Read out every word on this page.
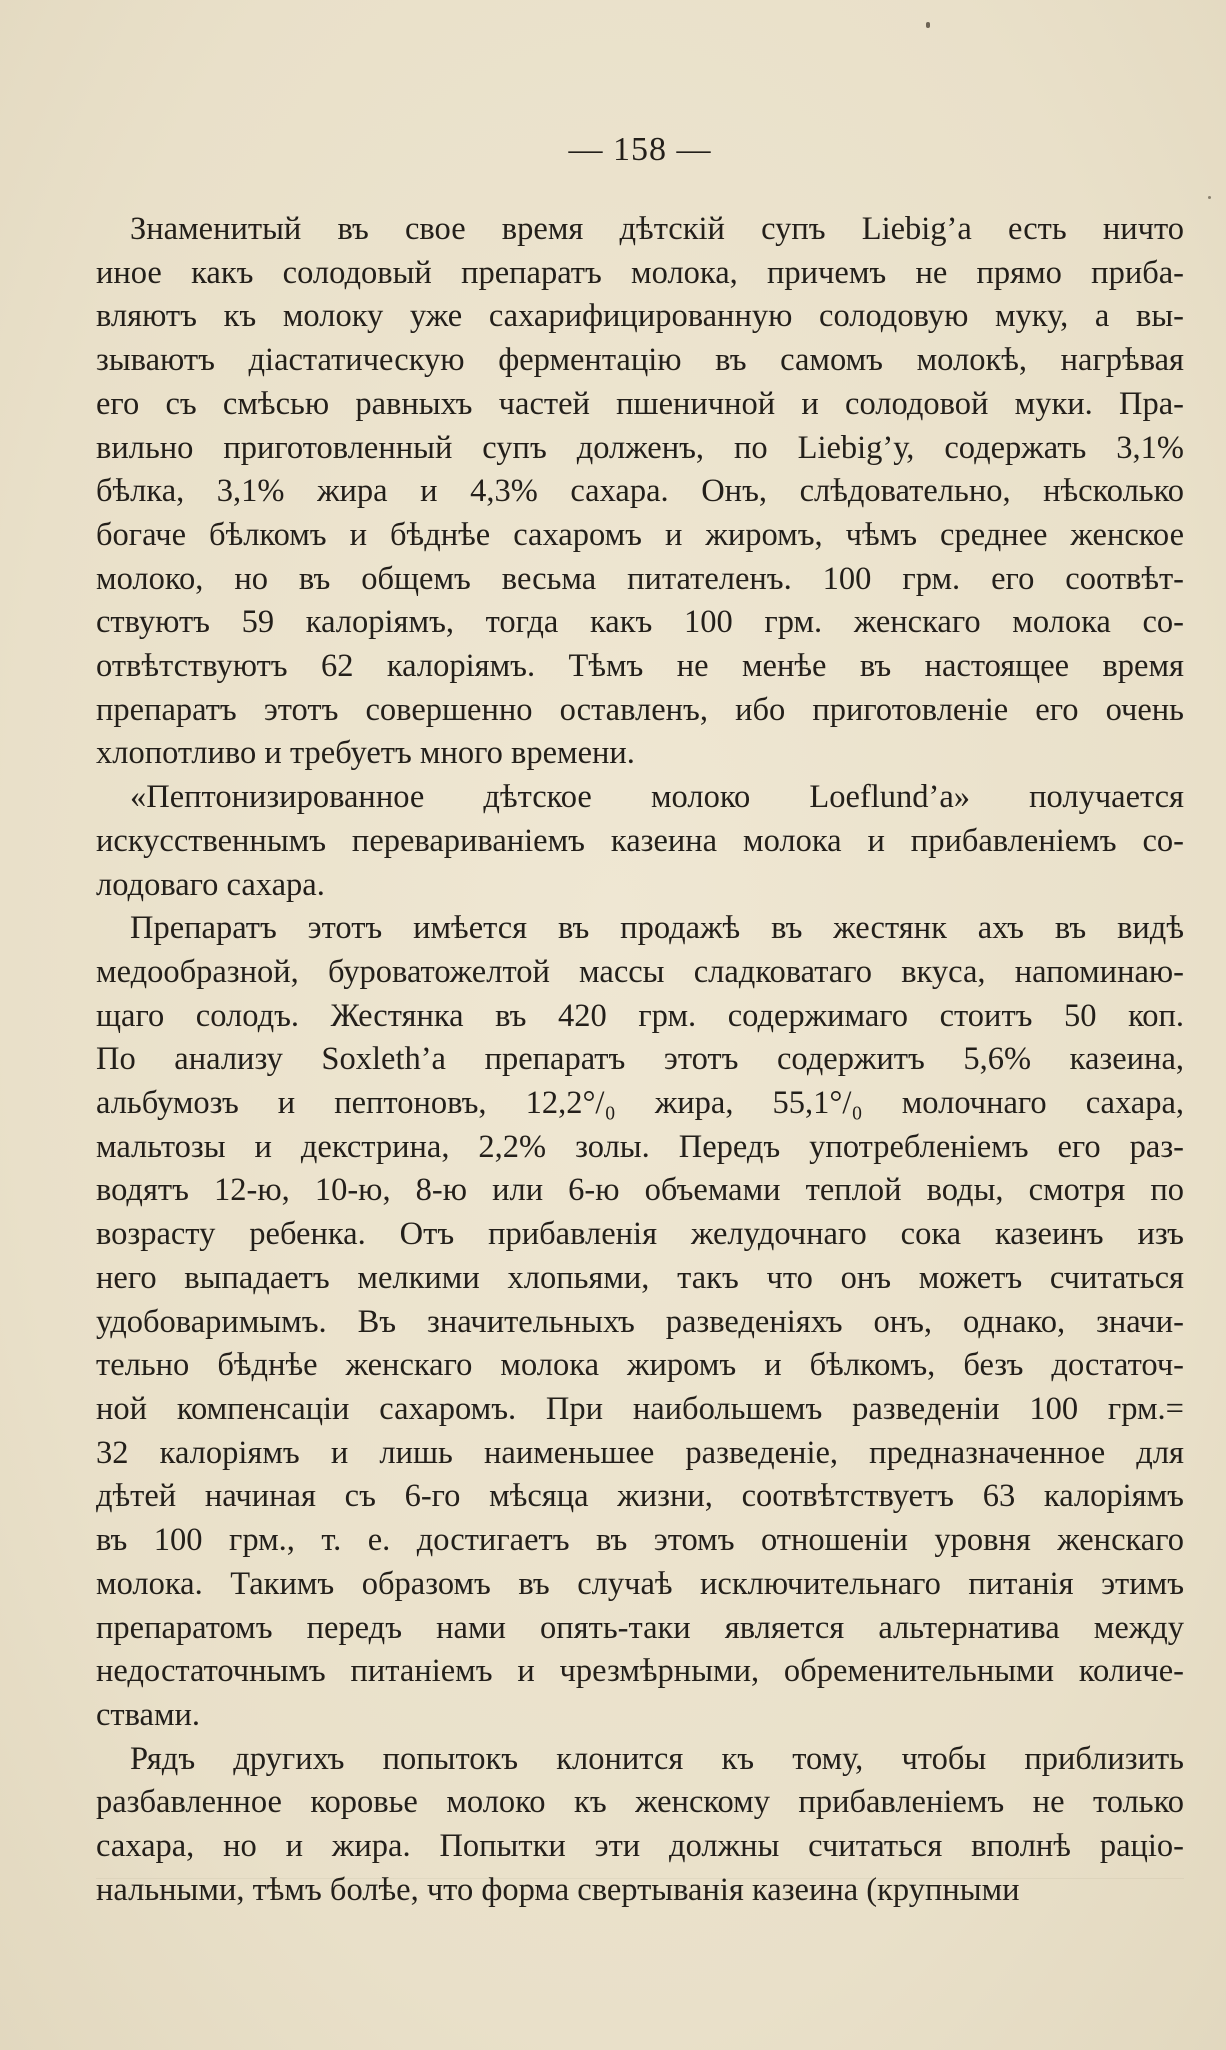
— 158 —
Знаменитый въ свое время дѣтскій супъ Liebig’а есть ничто
иное какъ солодовый препаратъ молока, причемъ не прямо приба-
вляютъ къ молоку уже сахарифицированную солодовую муку, а вы-
зываютъ діастатическую ферментацію въ самомъ молокѣ, нагрѣвая
его съ смѣсью равныхъ частей пшеничной и солодовой муки. Пра-
вильно приготовленный супъ долженъ, по Liebig’у, содержать 3,1%
бѣлка, 3,1% жира и 4,3% сахара. Онъ, слѣдовательно, нѣсколько
богаче бѣлкомъ и бѣднѣе сахаромъ и жиромъ, чѣмъ среднее женское
молоко, но въ общемъ весьма питателенъ. 100 грм. его соотвѣт-
ствуютъ 59 калоріямъ, тогда какъ 100 грм. женскаго молока со-
отвѣтствуютъ 62 калоріямъ. Тѣмъ не менѣе въ настоящее время
препаратъ этотъ совершенно оставленъ, ибо приготовленіе его очень
хлопотливо и требуетъ много времени.
«Пептонизированное дѣтское молоко Loeflund’а» получается
искусственнымъ перевариваніемъ казеина молока и прибавленіемъ со-
лодоваго сахара.
Препаратъ этотъ имѣется въ продажѣ въ жестянк ахъ въ видѣ
медообразной, буроватожелтой массы сладковатаго вкуса, напоминаю-
щаго солодъ. Жестянка въ 420 грм. содержимаго стоитъ 50 коп.
По анализу Soxleth’а препаратъ этотъ содержитъ 5,6% казеина,
альбумозъ и пептоновъ, 12,2°/₀ жира, 55,1°/₀ молочнаго сахара,
мальтозы и декстрина, 2,2% золы. Передъ употребленіемъ его раз-
водятъ 12-ю, 10-ю, 8-ю или 6-ю объемами теплой воды, смотря по
возрасту ребенка. Отъ прибавленія желудочнаго сока казеинъ изъ
него выпадаетъ мелкими хлопьями, такъ что онъ можетъ считаться
удобоваримымъ. Въ значительныхъ разведеніяхъ онъ, однако, значи-
тельно бѣднѣе женскаго молока жиромъ и бѣлкомъ, безъ достаточ-
ной компенсаціи сахаромъ. При наибольшемъ разведеніи 100 грм.=
32 калоріямъ и лишь наименьшее разведеніе, предназначенное для
дѣтей начиная съ 6-го мѣсяца жизни, соотвѣтствуетъ 63 калоріямъ
въ 100 грм., т. е. достигаетъ въ этомъ отношеніи уровня женскаго
молока. Такимъ образомъ въ случаѣ исключительнаго питанія этимъ
препаратомъ передъ нами опять-таки является альтернатива между
недостаточнымъ питаніемъ и чрезмѣрными, обременительными количе-
ствами.
Рядъ другихъ попытокъ клонится къ тому, чтобы приблизить
разбавленное коровье молоко къ женскому прибавленіемъ не только
сахара, но и жира. Попытки эти должны считаться вполнѣ раціо-
нальными, тѣмъ болѣе, что форма свертыванія казеина (крупными
